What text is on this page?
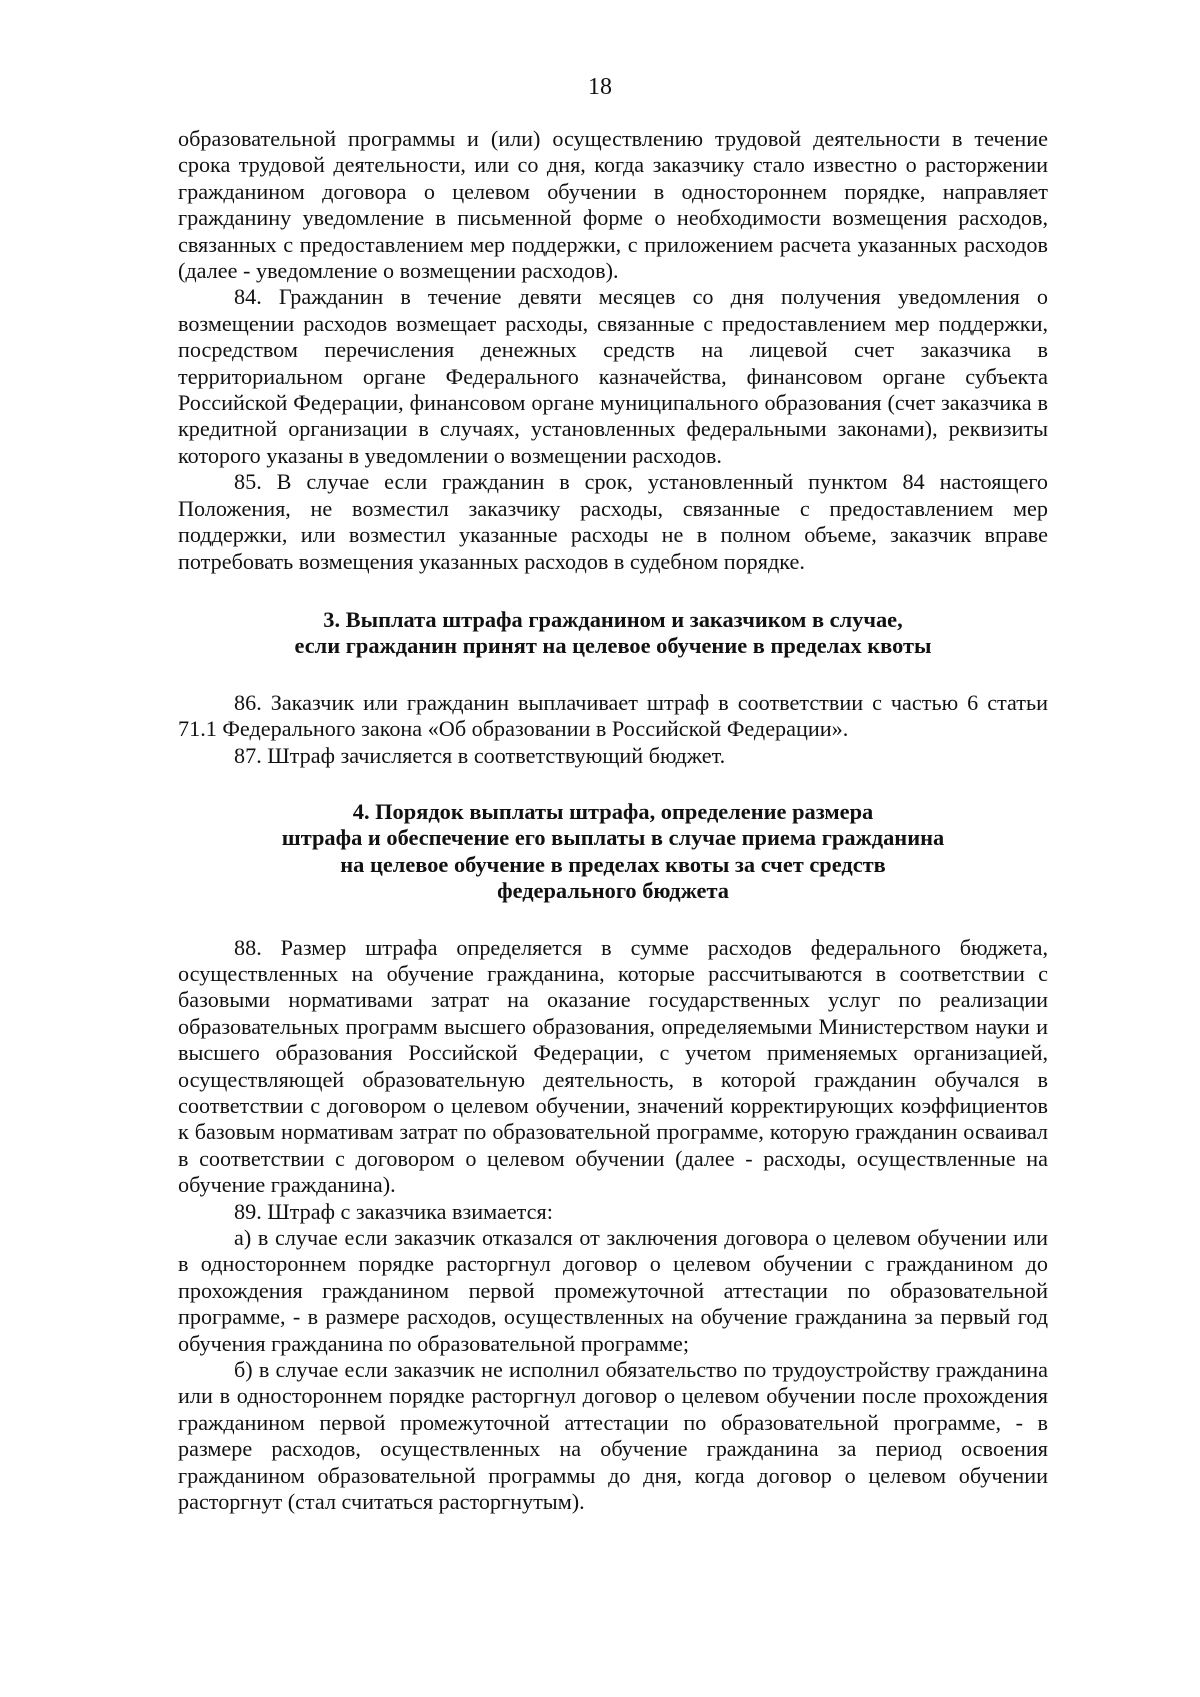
18

образовательной программы и (или) осуществлению трудовой деятельности в течение срока трудовой деятельности, или со дня, когда заказчику стало известно о расторжении гражданином договора о целевом обучении в одностороннем порядке, направляет гражданину уведомление в письменной форме о необходимости возмещения расходов, связанных с предоставлением мер поддержки, с приложением расчета указанных расходов (далее - уведомление о возмещении расходов).

84. Гражданин в течение девяти месяцев со дня получения уведомления о возмещении расходов возмещает расходы, связанные с предоставлением мер поддержки, посредством перечисления денежных средств на лицевой счет заказчика в территориальном органе Федерального казначейства, финансовом органе субъекта Российской Федерации, финансовом органе муниципального образования (счет заказчика в кредитной организации в случаях, установленных федеральными законами), реквизиты которого указаны в уведомлении о возмещении расходов.

85. В случае если гражданин в срок, установленный пунктом 84 настоящего Положения, не возместил заказчику расходы, связанные с предоставлением мер поддержки, или возместил указанные расходы не в полном объеме, заказчик вправе потребовать возмещения указанных расходов в судебном порядке.

3. Выплата штрафа гражданином и заказчиком в случае,
если гражданин принят на целевое обучение в пределах квоты

86. Заказчик или гражданин выплачивает штраф в соответствии с частью 6 статьи 71.1 Федерального закона «Об образовании в Российской Федерации».

87. Штраф зачисляется в соответствующий бюджет.

4. Порядок выплаты штрафа, определение размера
штрафа и обеспечение его выплаты в случае приема гражданина
на целевое обучение в пределах квоты за счет средств
федерального бюджета

88. Размер штрафа определяется в сумме расходов федерального бюджета, осуществленных на обучение гражданина, которые рассчитываются в соответствии с базовыми нормативами затрат на оказание государственных услуг по реализации образовательных программ высшего образования, определяемыми Министерством науки и высшего образования Российской Федерации, с учетом применяемых организацией, осуществляющей образовательную деятельность, в которой гражданин обучался в соответствии с договором о целевом обучении, значений корректирующих коэффициентов к базовым нормативам затрат по образовательной программе, которую гражданин осваивал в соответствии с договором о целевом обучении (далее - расходы, осуществленные на обучение гражданина).

89. Штраф с заказчика взимается:

а) в случае если заказчик отказался от заключения договора о целевом обучении или в одностороннем порядке расторгнул договор о целевом обучении с гражданином до прохождения гражданином первой промежуточной аттестации по образовательной программе, - в размере расходов, осуществленных на обучение гражданина за первый год обучения гражданина по образовательной программе;

б) в случае если заказчик не исполнил обязательство по трудоустройству гражданина или в одностороннем порядке расторгнул договор о целевом обучении после прохождения гражданином первой промежуточной аттестации по образовательной программе, - в размере расходов, осуществленных на обучение гражданина за период освоения гражданином образовательной программы до дня, когда договор о целевом обучении расторгнут (стал считаться расторгнутым).
